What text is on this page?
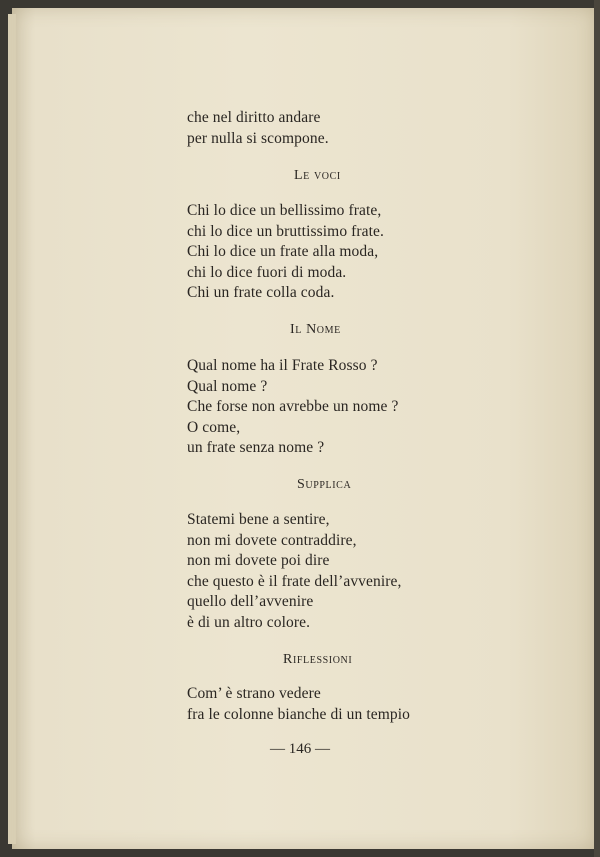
che nel diritto andare
per nulla si scompone.
Le voci
Chi lo dice un bellissimo frate,
chi lo dice un bruttissimo frate.
Chi lo dice un frate alla moda,
chi lo dice fuori di moda.
Chi un frate colla coda.
Il Nome
Qual nome ha il Frate Rosso ?
Qual nome ?
Che forse non avrebbe un nome ?
O come,
un frate senza nome ?
Supplica
Statemi bene a sentire,
non mi dovete contraddire,
non mi dovete poi dire
che questo è il frate dell’avvenire,
quello dell’avvenire
è di un altro colore.
Riflessioni
Com’ è strano vedere
fra le colonne bianche di un tempio
— 146 —
